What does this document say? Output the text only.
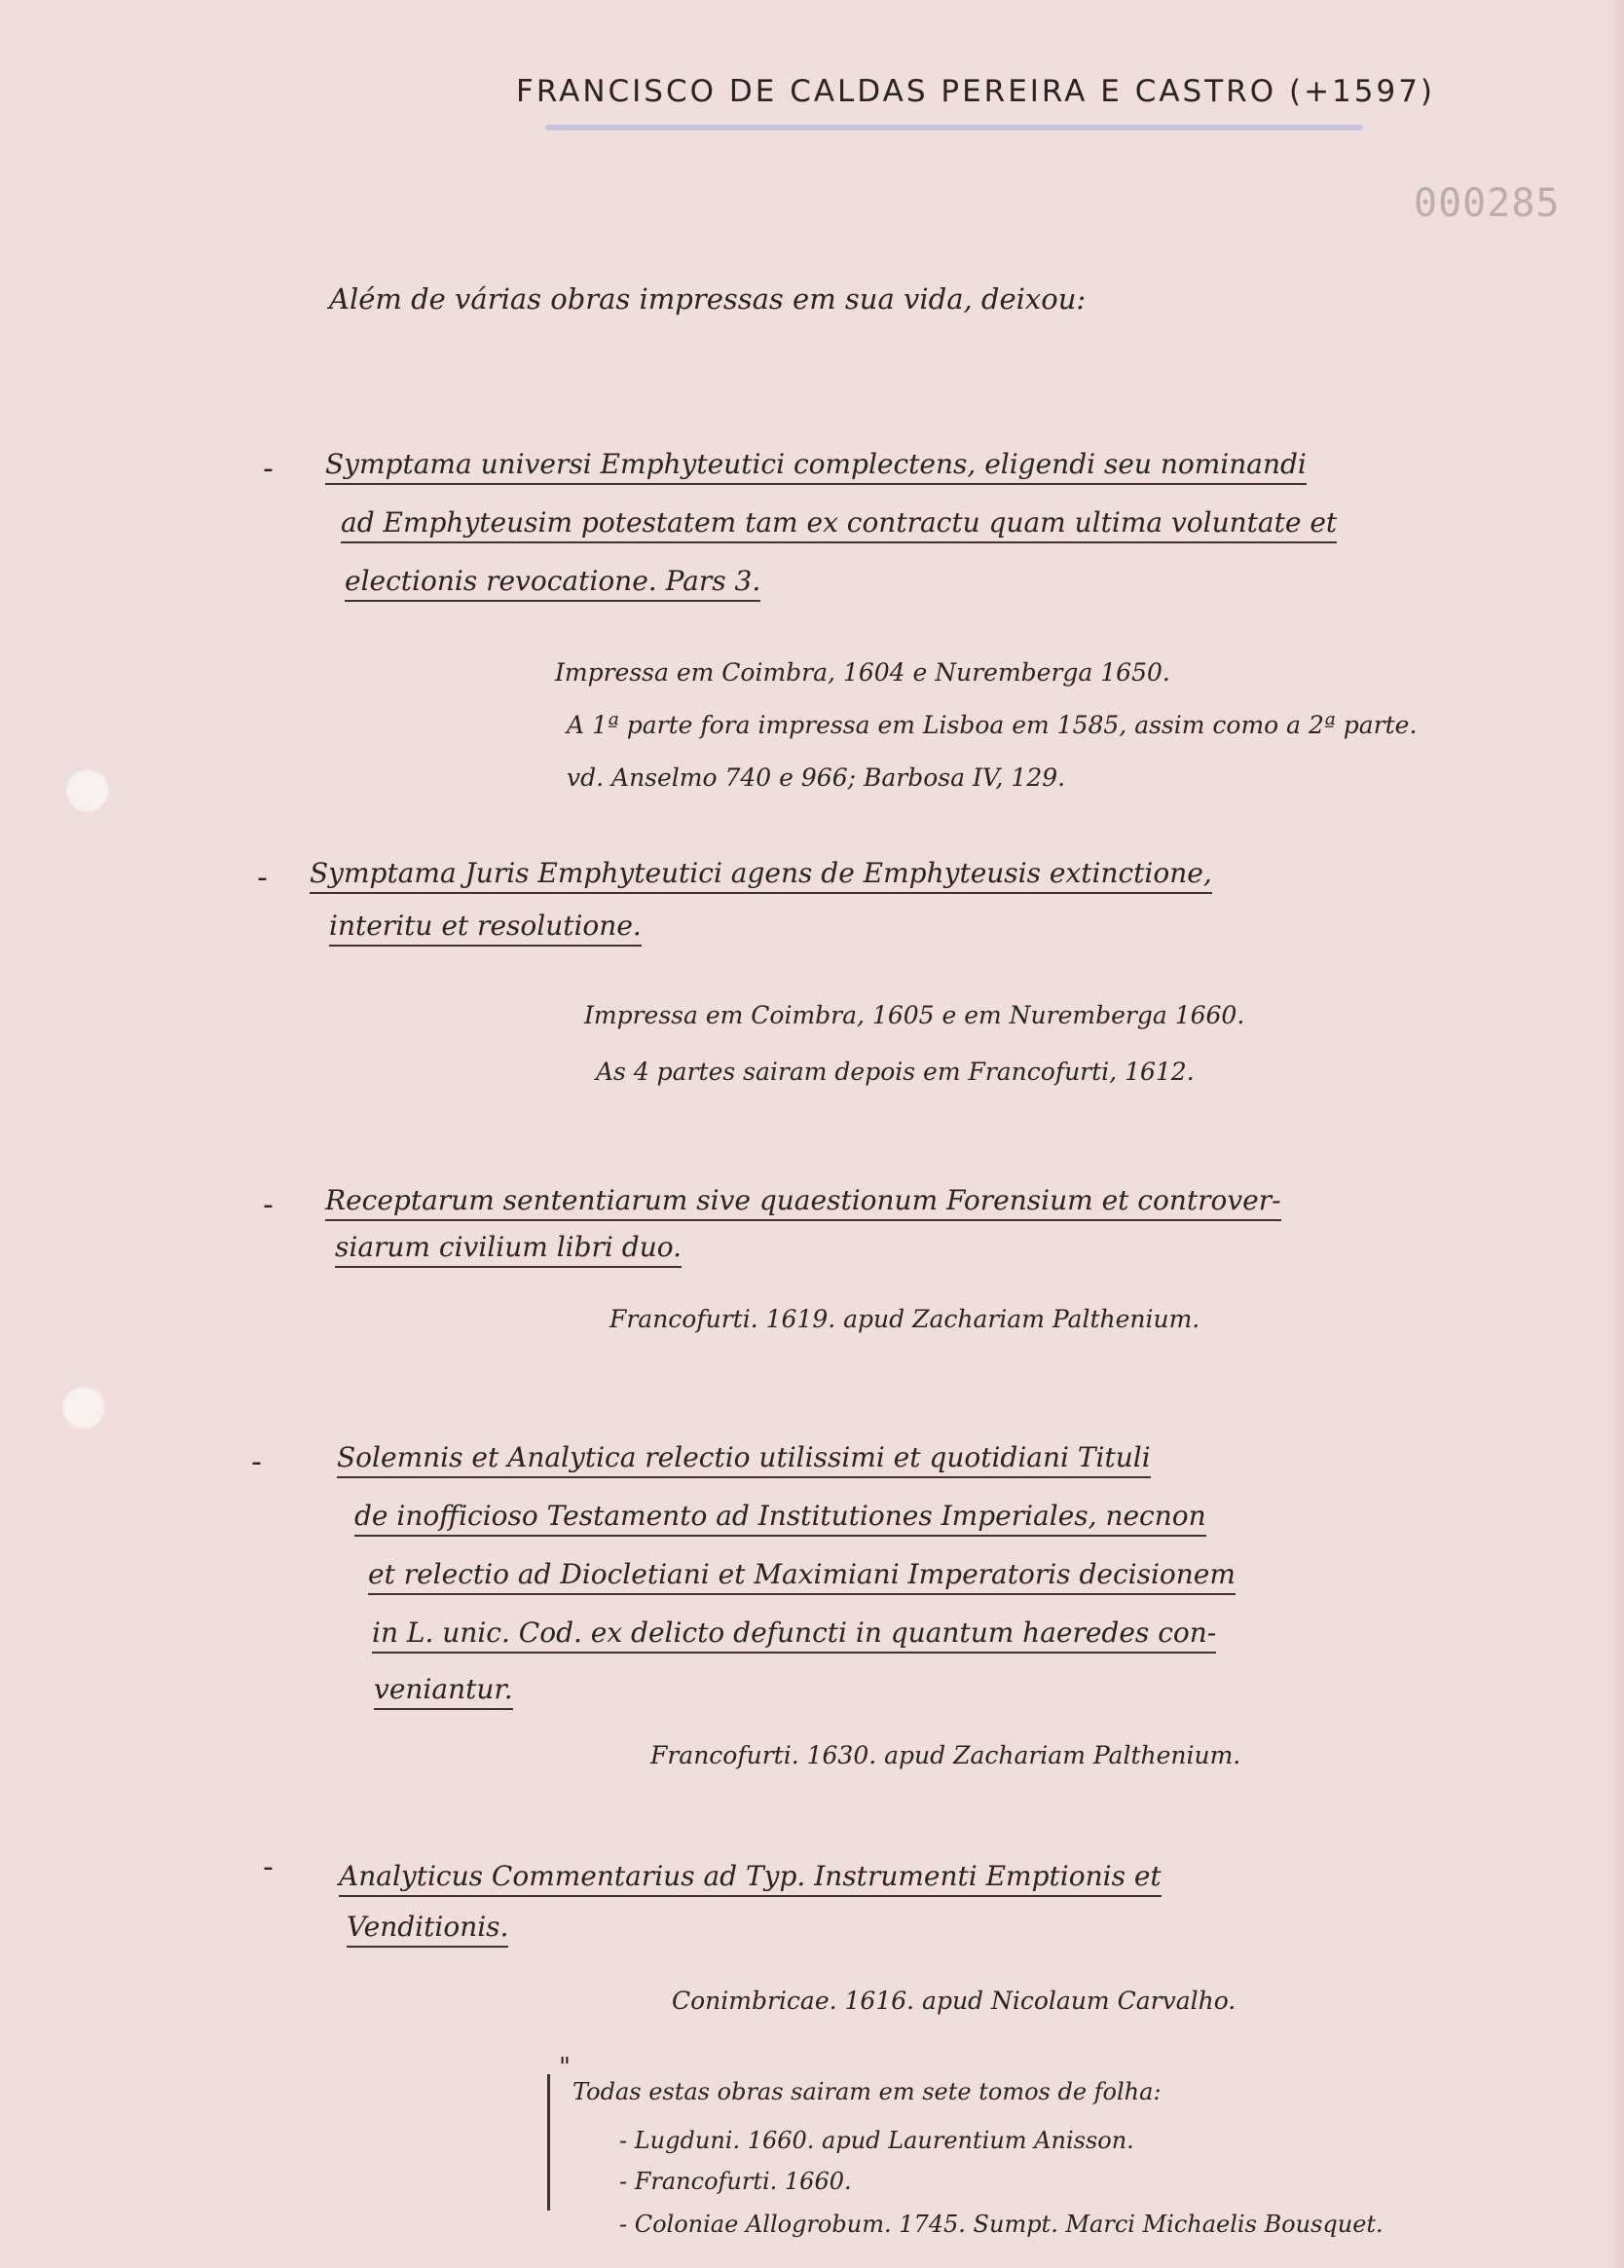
FRANCISCO DE CALDAS PEREIRA E CASTRO (+1597)
000285
Além de várias obras impressas em sua vida, deixou:
- Symptama universi Emphyteutici complectens, eligendi seu nominandi
ad Emphyteusim potestatem tam ex contractu quam ultima voluntate et
electionis revocatione. Pars 3.
Impressa em Coimbra, 1604 e Nuremberga 1650.
A 1ª parte fora impressa em Lisboa em 1585, assim como a 2ª parte.
vd. Anselmo 740 e 966; Barbosa IV, 129.
- Symptama Juris Emphyteutici agens de Emphyteusis extinctione,
interitu et resolutione.
Impressa em Coimbra, 1605 e em Nuremberga 1660.
As 4 partes sairam depois em Francofurti, 1612.
- Receptarum sententiarum sive quaestionum Forensium et controver-
siarum civilium libri duo.
Francofurti. 1619. apud Zachariam Palthenium.
-	Solemnis et Analytica relectio utilissimi et quotidiani Tituli
de inofficioso Testamento ad Institutiones Imperiales, necnon
et relectio ad Diocletiani et Maximiani Imperatoris decisionem
in L. unic. Cod. ex delicto defuncti in quantum haeredes con-
veniantur.
Francofurti. 1630. apud Zachariam Palthenium.
- Analyticus Commentarius ad Typ. Instrumenti Emptionis et
Venditionis.
Conimbricae. 1616. apud Nicolaum Carvalho.
"
Todas estas obras sairam em sete tomos de folha:
- Lugduni. 1660. apud Laurentium Anisson.
- Francofurti. 1660.
- Coloniae Allogrobum. 1745. Sumpt. Marci Michaelis Bousquet.
